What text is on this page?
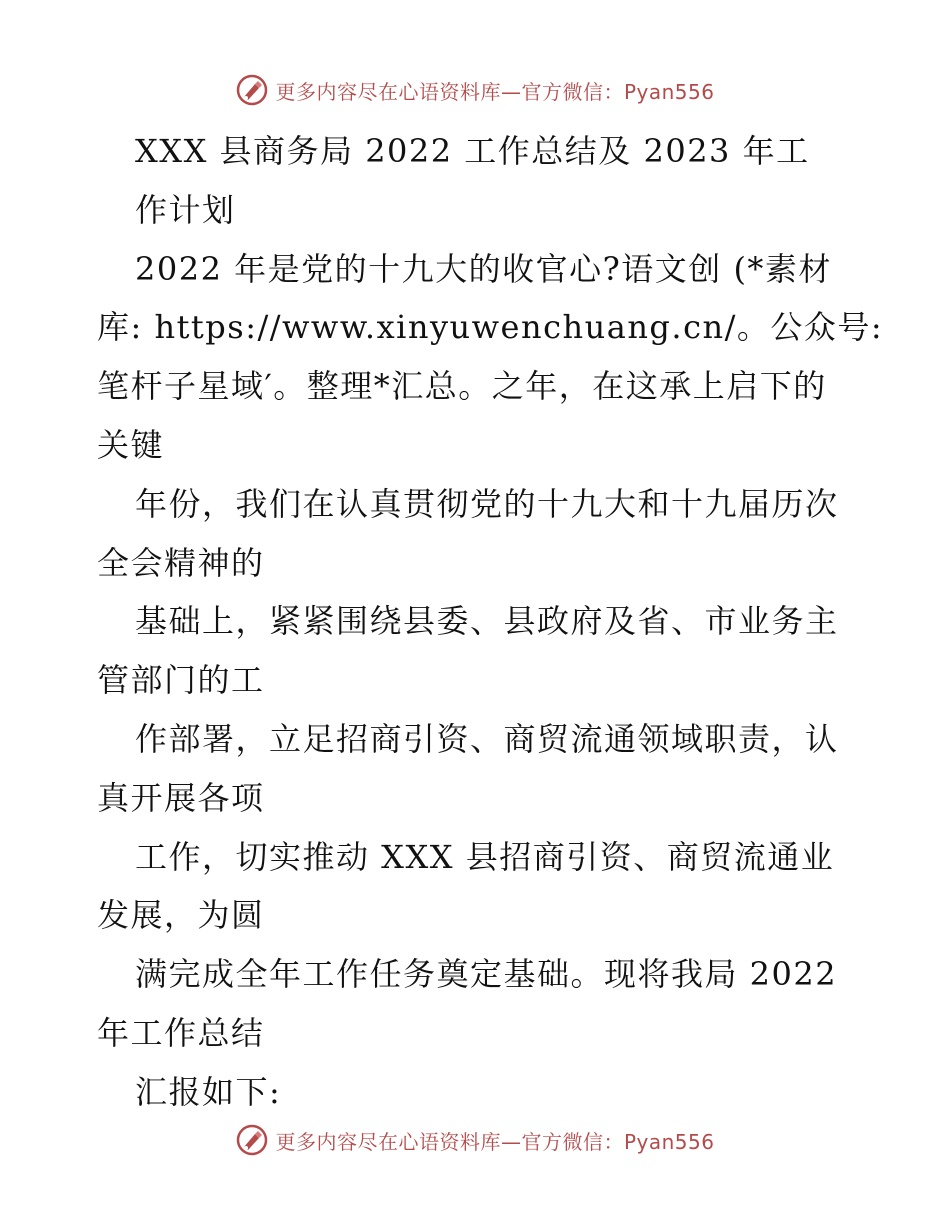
更多内容尽在心语资料库—官方微信：Pyan556
XXX 县商务局 2022 工作总结及 2023 年工
作计划
2022 年是党的十九大的收官心?语文创 (*素材
库: https://www.xinyuwenchuang.cn/。公众号:
笔杆子星域′。整理*汇总。之年，在这承上启下的
关键
年份，我们在认真贯彻党的十九大和十九届历次
全会精神的
基础上，紧紧围绕县委、县政府及省、市业务主
管部门的工
作部署，立足招商引资、商贸流通领域职责，认
真开展各项
工作，切实推动 XXX 县招商引资、商贸流通业
发展，为圆
满完成全年工作任务奠定基础。现将我局 2022
年工作总结
汇报如下:
更多内容尽在心语资料库—官方微信：Pyan556
